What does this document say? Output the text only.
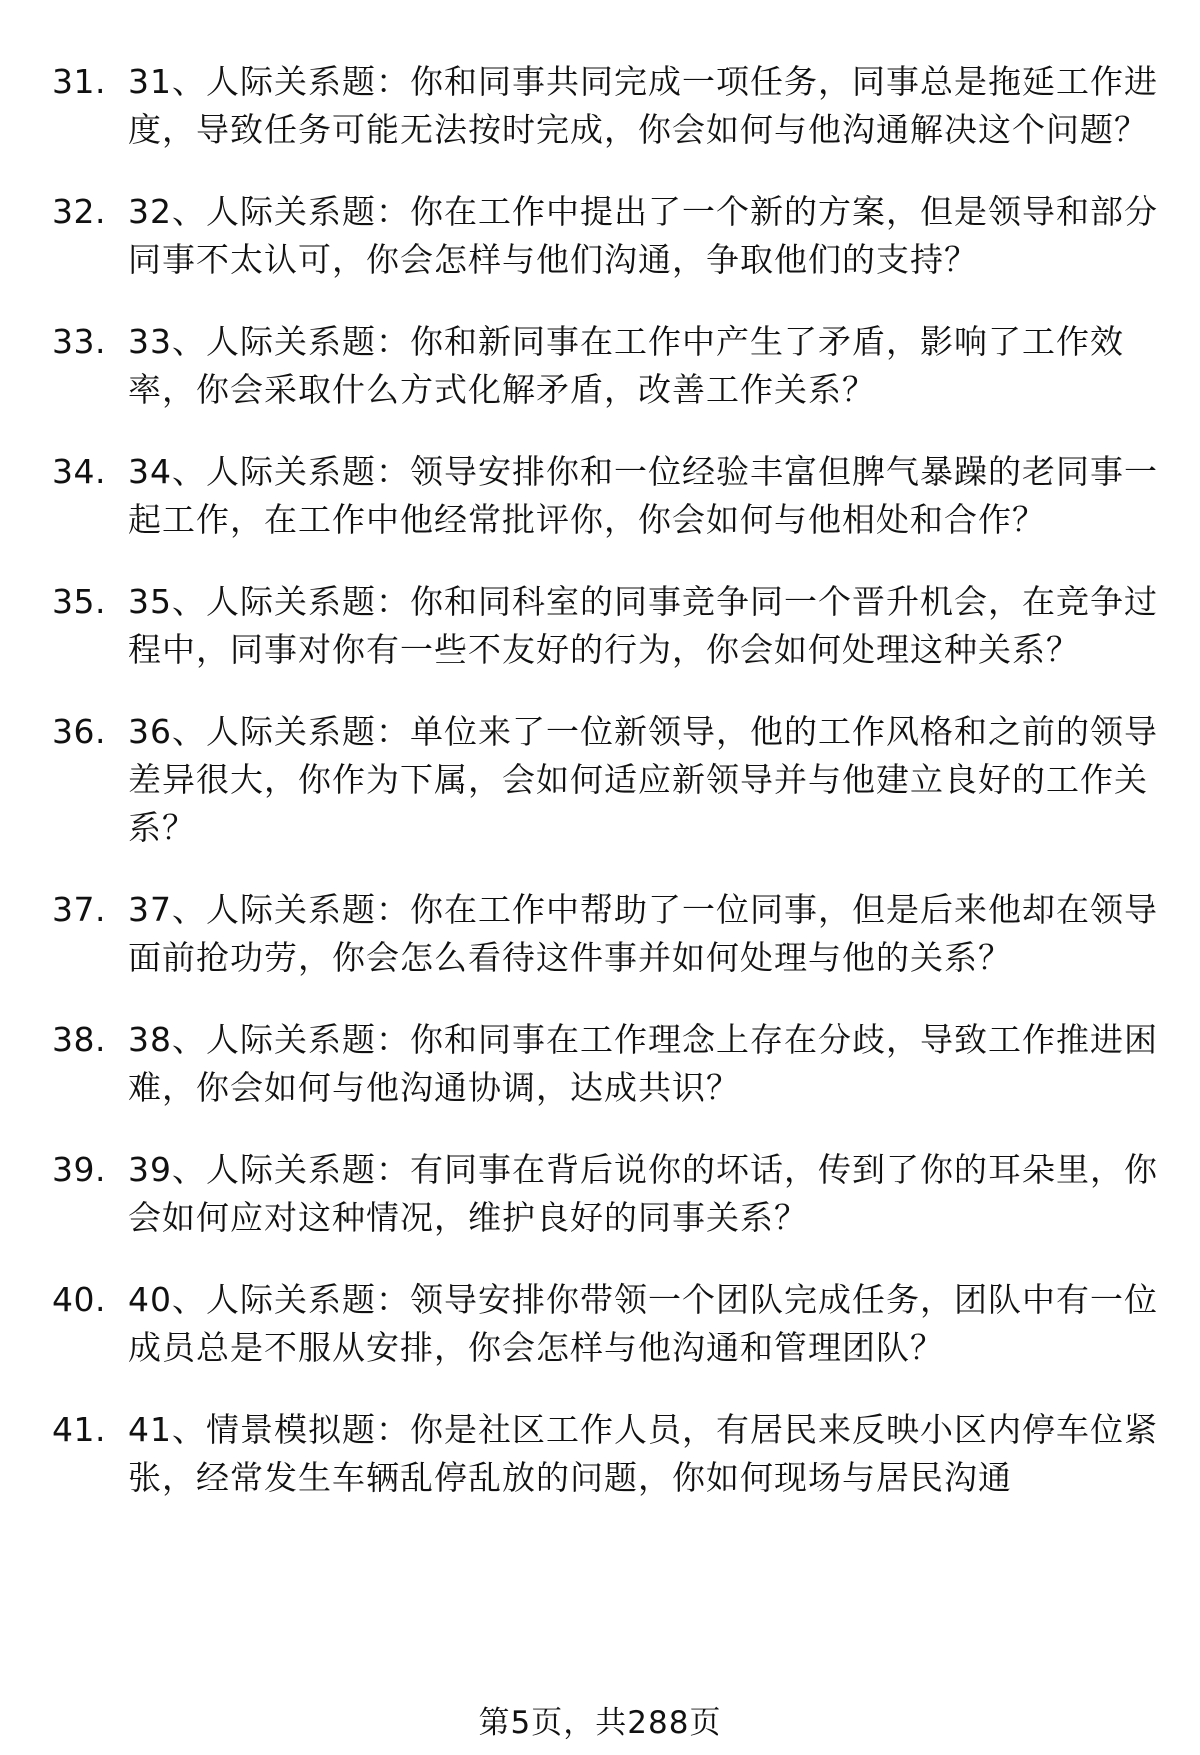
31. 31、人际关系题：你和同事共同完成一项任务，同事总是拖延工作进度，导致任务可能无法按时完成，你会如何与他沟通解决这个问题？
32. 32、人际关系题：你在工作中提出了一个新的方案，但是领导和部分同事不太认可，你会怎样与他们沟通，争取他们的支持？
33. 33、人际关系题：你和新同事在工作中产生了矛盾，影响了工作效率，你会采取什么方式化解矛盾，改善工作关系？
34. 34、人际关系题：领导安排你和一位经验丰富但脾气暴躁的老同事一起工作，在工作中他经常批评你，你会如何与他相处和合作？
35. 35、人际关系题：你和同科室的同事竞争同一个晋升机会，在竞争过程中，同事对你有一些不友好的行为，你会如何处理这种关系？
36. 36、人际关系题：单位来了一位新领导，他的工作风格和之前的领导差异很大，你作为下属，会如何适应新领导并与他建立良好的工作关系？
37. 37、人际关系题：你在工作中帮助了一位同事，但是后来他却在领导面前抢功劳，你会怎么看待这件事并如何处理与他的关系？
38. 38、人际关系题：你和同事在工作理念上存在分歧，导致工作推进困难，你会如何与他沟通协调，达成共识？
39. 39、人际关系题：有同事在背后说你的坏话，传到了你的耳朵里，你会如何应对这种情况，维护良好的同事关系？
40. 40、人际关系题：领导安排你带领一个团队完成任务，团队中有一位成员总是不服从安排，你会怎样与他沟通和管理团队？
41. 41、情景模拟题：你是社区工作人员，有居民来反映小区内停车位紧张，经常发生车辆乱停乱放的问题，你如何现场与居民沟通
第5页，共288页
